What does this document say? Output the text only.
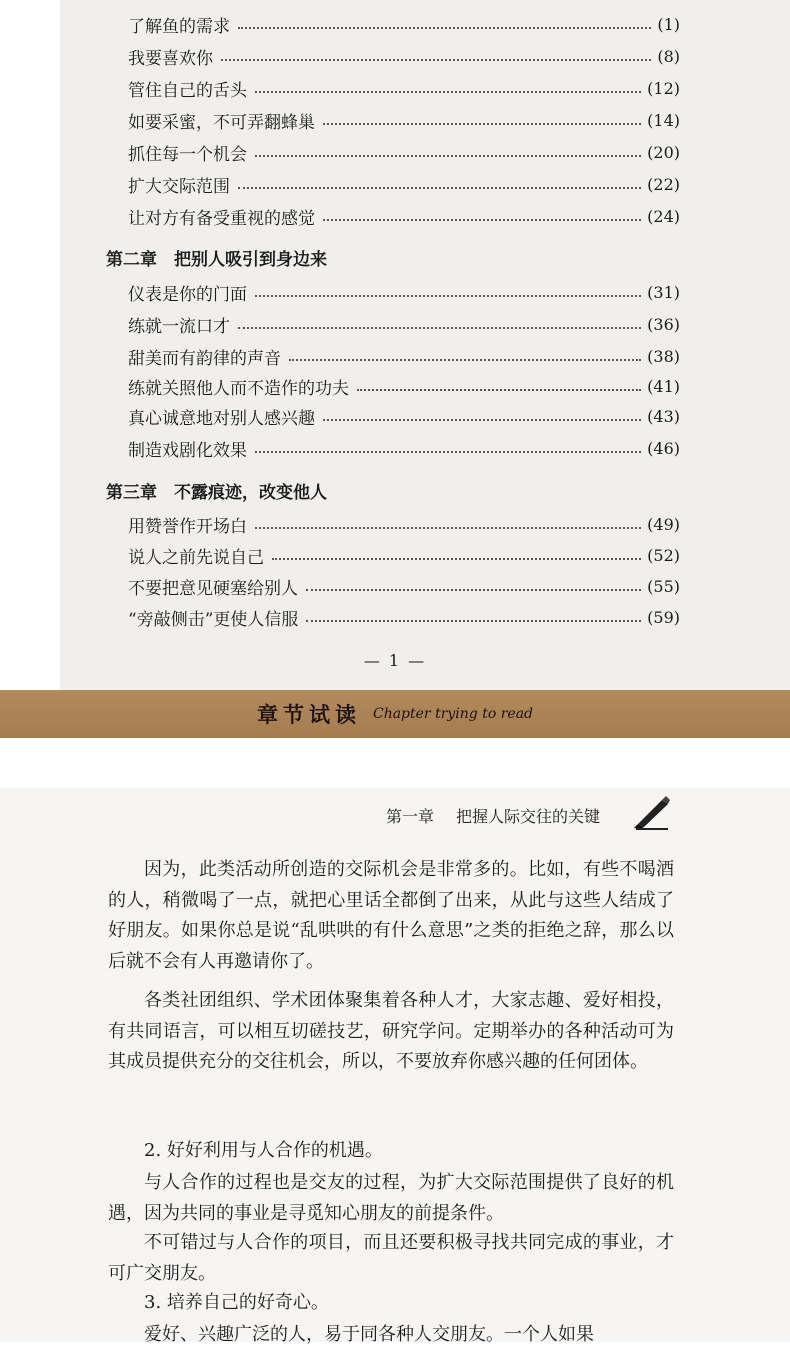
了解鱼的需求	(1)
我要喜欢你	(8)
管住自己的舌头	(12)
如要采蜜，不可弄翻蜂巢	(14)
抓住每一个机会	(20)
扩大交际范围	(22)
让对方有备受重视的感觉	(24)
第二章　把别人吸引到身边来
仪表是你的门面	(31)
练就一流口才	(36)
甜美而有韵律的声音	(38)
练就关照他人而不造作的功夫	(41)
真心诚意地对别人感兴趣	(43)
制造戏剧化效果	(46)
第三章　不露痕迹，改变他人
用赞誉作开场白	(49)
说人之前先说自己	(52)
不要把意见硬塞给别人	(55)
“旁敲侧击”更使人信服	(59)
— 1 —
章节试读 Chapter trying to read
第一章 把握人际交往的关键
因为，此类活动所创造的交际机会是非常多的。比如，有些不喝酒的人，稍微喝了一点，就把心里话全都倒了出来，从此与这些人结成了好朋友。如果你总是说“乱哄哄的有什么意思”之类的拒绝之辞，那么以后就不会有人再邀请你了。
各类社团组织、学术团体聚集着各种人才，大家志趣、爱好相投，有共同语言，可以相互切磋技艺，研究学问。定期举办的各种活动可为其成员提供充分的交往机会，所以，不要放弃你感兴趣的任何团体。
2. 好好利用与人合作的机遇。
与人合作的过程也是交友的过程，为扩大交际范围提供了良好的机遇，因为共同的事业是寻觅知心朋友的前提条件。
不可错过与人合作的项目，而且还要积极寻找共同完成的事业，才可广交朋友。
3. 培养自己的好奇心。
爱好、兴趣广泛的人，易于同各种人交朋友。一个人如果
